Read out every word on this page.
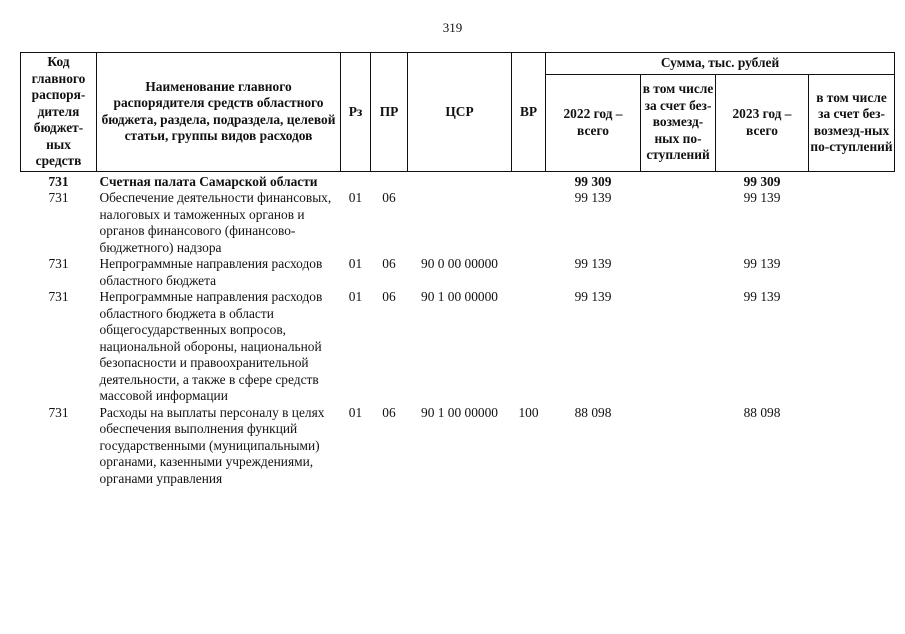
319
Код главного распоря-дителя бюджет-ных средств	Наименование главного распорядителя средств областного бюджета, раздела, подраздела, целевой статьи, группы видов расходов	Рз	ПР	ЦСР	ВР	Сумма, тыс. рублей			
						2022 год – всего	в том числе за счет без-возмезд-ных по-ступлений	2023 год – всего	в том числе за счет без-возмезд-ных по-ступлений
731	Счетная палата Самарской области					99 309		99 309	
731	Обеспечение деятельности финансовых, налоговых и таможенных органов и органов финансового (финансово-бюджетного) надзора	01	06			99 139		99 139	
731	Непрограммные направления расходов областного бюджета	01	06	90 0 00 00000		99 139		99 139	
731	Непрограммные направления расходов областного бюджета в области общегосударственных вопросов, национальной обороны, национальной безопасности и правоохранительной деятельности, а также в сфере средств массовой информации	01	06	90 1 00 00000		99 139		99 139	
731	Расходы на выплаты персоналу в целях обеспечения выполнения функций государственными (муниципальными) органами, казенными учреждениями, органами управления	01	06	90 1 00 00000	100	88 098		88 098	
